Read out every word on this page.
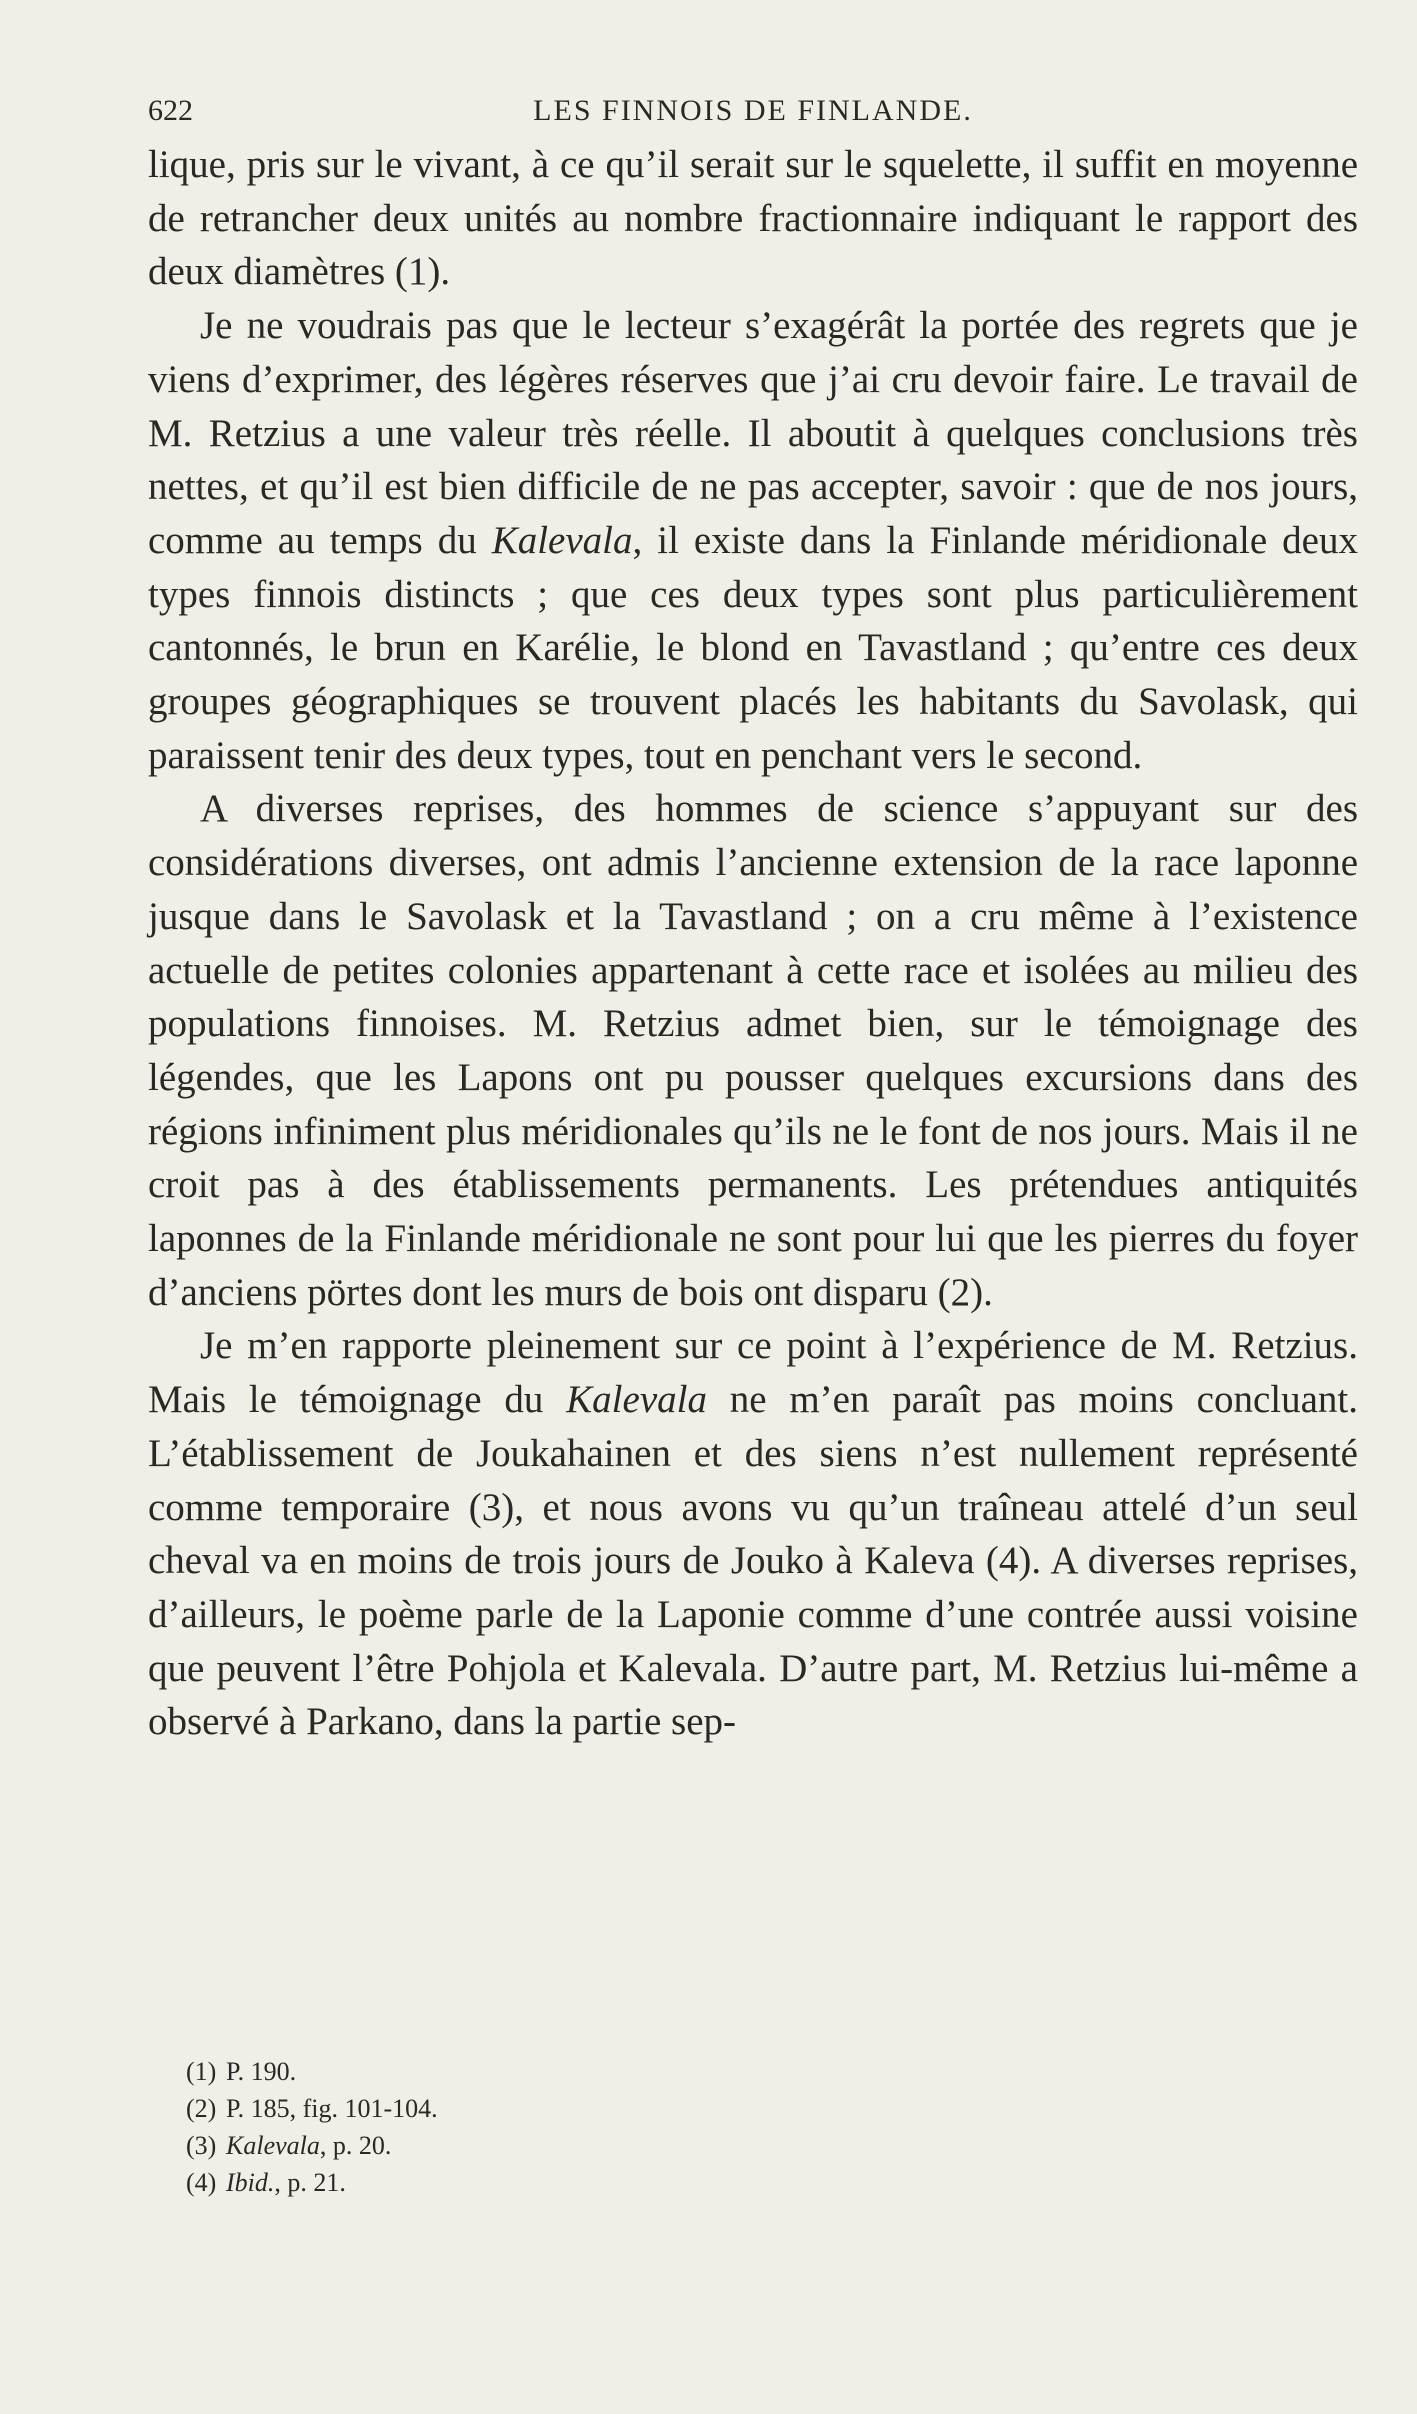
622	LES FINNOIS DE FINLANDE.

lique, pris sur le vivant, à ce qu’il serait sur le squelette, il suffit en moyenne de retrancher deux unités au nombre fractionnaire indiquant le rapport des deux diamètres (1).

Je ne voudrais pas que le lecteur s’exagérât la portée des regrets que je viens d’exprimer, des légères réserves que j’ai cru devoir faire. Le travail de M. Retzius a une valeur très réelle. Il aboutit à quelques conclusions très nettes, et qu’il est bien difficile de ne pas accepter, savoir : que de nos jours, comme au temps du Kalevala, il existe dans la Finlande méridionale deux types finnois distincts ; que ces deux types sont plus particulièrement cantonnés, le brun en Karélie, le blond en Tavastland ; qu’entre ces deux groupes géographiques se trouvent placés les habitants du Savolask, qui paraissent tenir des deux types, tout en penchant vers le second.

A diverses reprises, des hommes de science s’appuyant sur des considérations diverses, ont admis l’ancienne extension de la race laponne jusque dans le Savolask et la Tavastland ; on a cru même à l’existence actuelle de petites colonies appartenant à cette race et isolées au milieu des populations finnoises. M. Retzius admet bien, sur le témoignage des légendes, que les Lapons ont pu pousser quelques excursions dans des régions infiniment plus méridionales qu’ils ne le font de nos jours. Mais il ne croit pas à des établissements permanents. Les prétendues antiquités laponnes de la Finlande méridionale ne sont pour lui que les pierres du foyer d’anciens pörtes dont les murs de bois ont disparu (2).

Je m’en rapporte pleinement sur ce point à l’expérience de M. Retzius. Mais le témoignage du Kalevala ne m’en paraît pas moins concluant. L’établissement de Joukahainen et des siens n’est nullement représenté comme temporaire (3), et nous avons vu qu’un traîneau attelé d’un seul cheval va en moins de trois jours de Jouko à Kaleva (4). A diverses reprises, d’ailleurs, le poème parle de la Laponie comme d’une contrée aussi voisine que peuvent l’être Pohjola et Kalevala. D’autre part, M. Retzius lui-même a observé à Parkano, dans la partie sep-

(1) P. 190.
(2) P. 185, fig. 101-104.
(3) Kalevala, p. 20.
(4) Ibid., p. 21.
